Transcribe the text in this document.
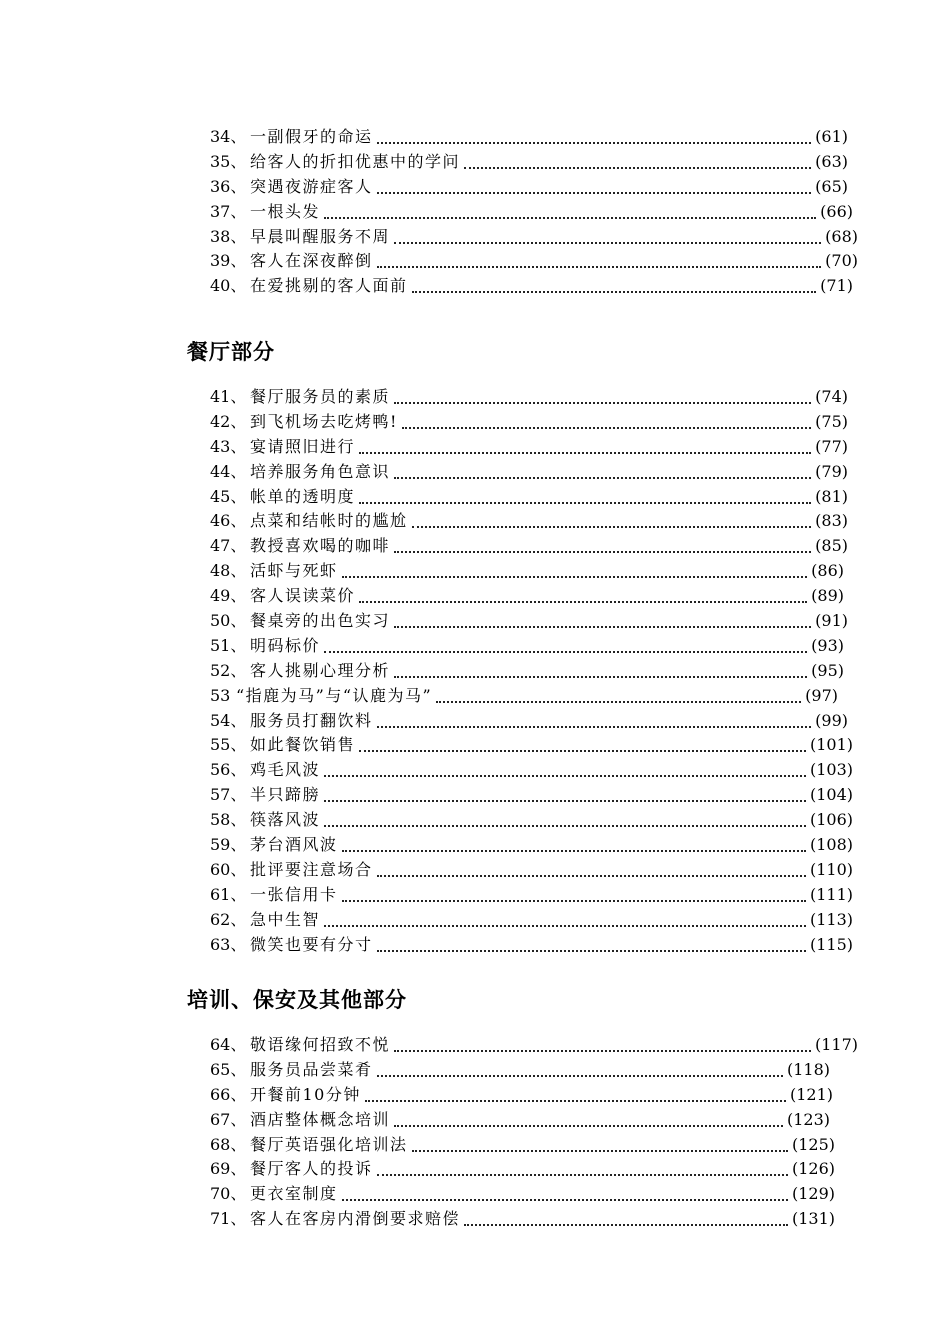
34、 一副假牙的命运	(61)
35、 给客人的折扣优惠中的学问	(63)
36、 突遇夜游症客人	(65)
37、 一根头发	(66)
38、 早晨叫醒服务不周	(68)
39、 客人在深夜醉倒	(70)
40、 在爱挑剔的客人面前	(71)
餐厅部分
41、 餐厅服务员的素质	(74)
42、 到飞机场去吃烤鸭!	(75)
43、 宴请照旧进行	(77)
44、 培养服务角色意识	(79)
45、 帐单的透明度	(81)
46、 点菜和结帐时的尴尬	(83)
47、 教授喜欢喝的咖啡	(85)
48、 活虾与死虾	(86)
49、 客人误读菜价	(89)
50、 餐桌旁的出色实习	(91)
51、 明码标价	(93)
52、 客人挑剔心理分析	(95)
53 “指鹿为马”与“认鹿为马”	(97)
54、 服务员打翻饮料	(99)
55、 如此餐饮销售	(101)
56、 鸡毛风波	(103)
57、 半只蹄膀	(104)
58、 筷落风波	(106)
59、 茅台酒风波	(108)
60、 批评要注意场合	(110)
61、 一张信用卡	(111)
62、 急中生智	(113)
63、 微笑也要有分寸	(115)
培训、保安及其他部分
64、 敬语缘何招致不悦	(117)
65、 服务员品尝菜肴	(118)
66、 开餐前10分钟	(121)
67、 酒店整体概念培训	(123)
68、 餐厅英语强化培训法	(125)
69、 餐厅客人的投诉	(126)
70、 更衣室制度	(129)
71、 客人在客房内滑倒要求赔偿	(131)
